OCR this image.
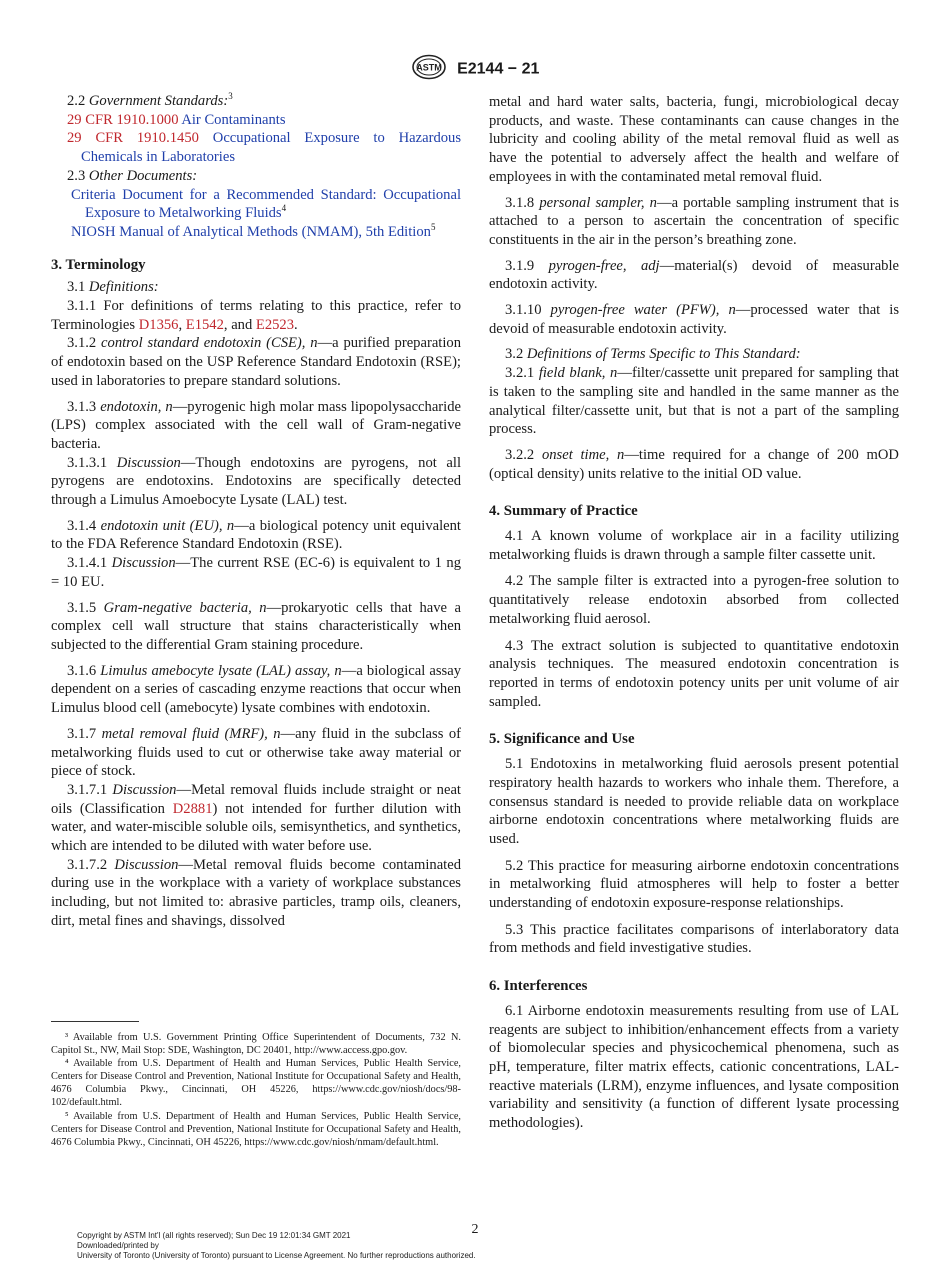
ASTM E2144 − 21

2.2 Government Standards:$^3$

29 CFR 1910.1000 Air Contaminants

29 CFR 1910.1450 Occupational Exposure to Hazardous Chemicals in Laboratories

2.3 Other Documents:

Criteria Document for a Recommended Standard: Occupational Exposure to Metalworking Fluids$^4$

NIOSH Manual of Analytical Methods (NMAM), 5th Edition$^5$

3. Terminology

3.1 Definitions:

3.1.1 For definitions of terms relating to this practice, refer to Terminologies D1356, E1542, and E2523.

3.1.2 control standard endotoxin (CSE), n—a purified preparation of endotoxin based on the USP Reference Standard Endotoxin (RSE); used in laboratories to prepare standard solutions.

3.1.3 endotoxin, n—pyrogenic high molar mass lipopolysaccharide (LPS) complex associated with the cell wall of Gram-negative bacteria.

3.1.3.1 Discussion—Though endotoxins are pyrogens, not all pyrogens are endotoxins. Endotoxins are specifically detected through a Limulus Amoebocyte Lysate (LAL) test.

3.1.4 endotoxin unit (EU), n—a biological potency unit equivalent to the FDA Reference Standard Endotoxin (RSE).

3.1.4.1 Discussion—The current RSE (EC-6) is equivalent to 1 ng = 10 EU.

3.1.5 Gram-negative bacteria, n—prokaryotic cells that have a complex cell wall structure that stains characteristically when subjected to the differential Gram staining procedure.

3.1.6 Limulus amebocyte lysate (LAL) assay, n—a biological assay dependent on a series of cascading enzyme reactions that occur when Limulus blood cell (amebocyte) lysate combines with endotoxin.

3.1.7 metal removal fluid (MRF), n—any fluid in the subclass of metalworking fluids used to cut or otherwise take away material or piece of stock.

3.1.7.1 Discussion—Metal removal fluids include straight or neat oils (Classification D2881) not intended for further dilution with water, and water-miscible soluble oils, semisynthetics, and synthetics, which are intended to be diluted with water before use.

3.1.7.2 Discussion—Metal removal fluids become contaminated during use in the workplace with a variety of workplace substances including, but not limited to: abrasive particles, tramp oils, cleaners, dirt, metal fines and shavings, dissolved

³ Available from U.S. Government Printing Office Superintendent of Documents, 732 N. Capitol St., NW, Mail Stop: SDE, Washington, DC 20401, http://www.access.gpo.gov.

⁴ Available from U.S. Department of Health and Human Services, Public Health Service, Centers for Disease Control and Prevention, National Institute for Occupational Safety and Health, 4676 Columbia Pkwy., Cincinnati, OH 45226, https://www.cdc.gov/niosh/docs/98-102/default.html.

⁵ Available from U.S. Department of Health and Human Services, Public Health Service, Centers for Disease Control and Prevention, National Institute for Occupational Safety and Health, 4676 Columbia Pkwy., Cincinnati, OH 45226, https://www.cdc.gov/niosh/nmam/default.html.

metal and hard water salts, bacteria, fungi, microbiological decay products, and waste. These contaminants can cause changes in the lubricity and cooling ability of the metal removal fluid as well as have the potential to adversely affect the health and welfare of employees in with the contaminated metal removal fluid.

3.1.8 personal sampler, n—a portable sampling instrument that is attached to a person to ascertain the concentration of specific constituents in the air in the person’s breathing zone.

3.1.9 pyrogen-free, adj—material(s) devoid of measurable endotoxin activity.

3.1.10 pyrogen-free water (PFW), n—processed water that is devoid of measurable endotoxin activity.

3.2 Definitions of Terms Specific to This Standard:

3.2.1 field blank, n—filter/cassette unit prepared for sampling that is taken to the sampling site and handled in the same manner as the analytical filter/cassette unit, but that is not a part of the sampling process.

3.2.2 onset time, n—time required for a change of 200 mOD (optical density) units relative to the initial OD value.

4. Summary of Practice

4.1 A known volume of workplace air in a facility utilizing metalworking fluids is drawn through a sample filter cassette unit.

4.2 The sample filter is extracted into a pyrogen-free solution to quantitatively release endotoxin absorbed from collected metalworking fluid aerosol.

4.3 The extract solution is subjected to quantitative endotoxin analysis techniques. The measured endotoxin concentration is reported in terms of endotoxin potency units per unit volume of air sampled.

5. Significance and Use

5.1 Endotoxins in metalworking fluid aerosols present potential respiratory health hazards to workers who inhale them. Therefore, a consensus standard is needed to provide reliable data on workplace airborne endotoxin concentrations where metalworking fluids are used.

5.2 This practice for measuring airborne endotoxin concentrations in metalworking fluid atmospheres will help to foster a better understanding of endotoxin exposure-response relationships.

5.3 This practice facilitates comparisons of interlaboratory data from methods and field investigative studies.

6. Interferences

6.1 Airborne endotoxin measurements resulting from use of LAL reagents are subject to inhibition/enhancement effects from a variety of biomolecular species and physicochemical phenomena, such as pH, temperature, filter matrix effects, cationic concentrations, LAL-reactive materials (LRM), enzyme influences, and lysate composition variability and sensitivity (a function of different lysate processing methodologies).

2
Copyright by ASTM Int'l (all rights reserved); Sun Dec 19 12:01:34 GMT 2021
Downloaded/printed by
University of Toronto (University of Toronto) pursuant to License Agreement. No further reproductions authorized.
